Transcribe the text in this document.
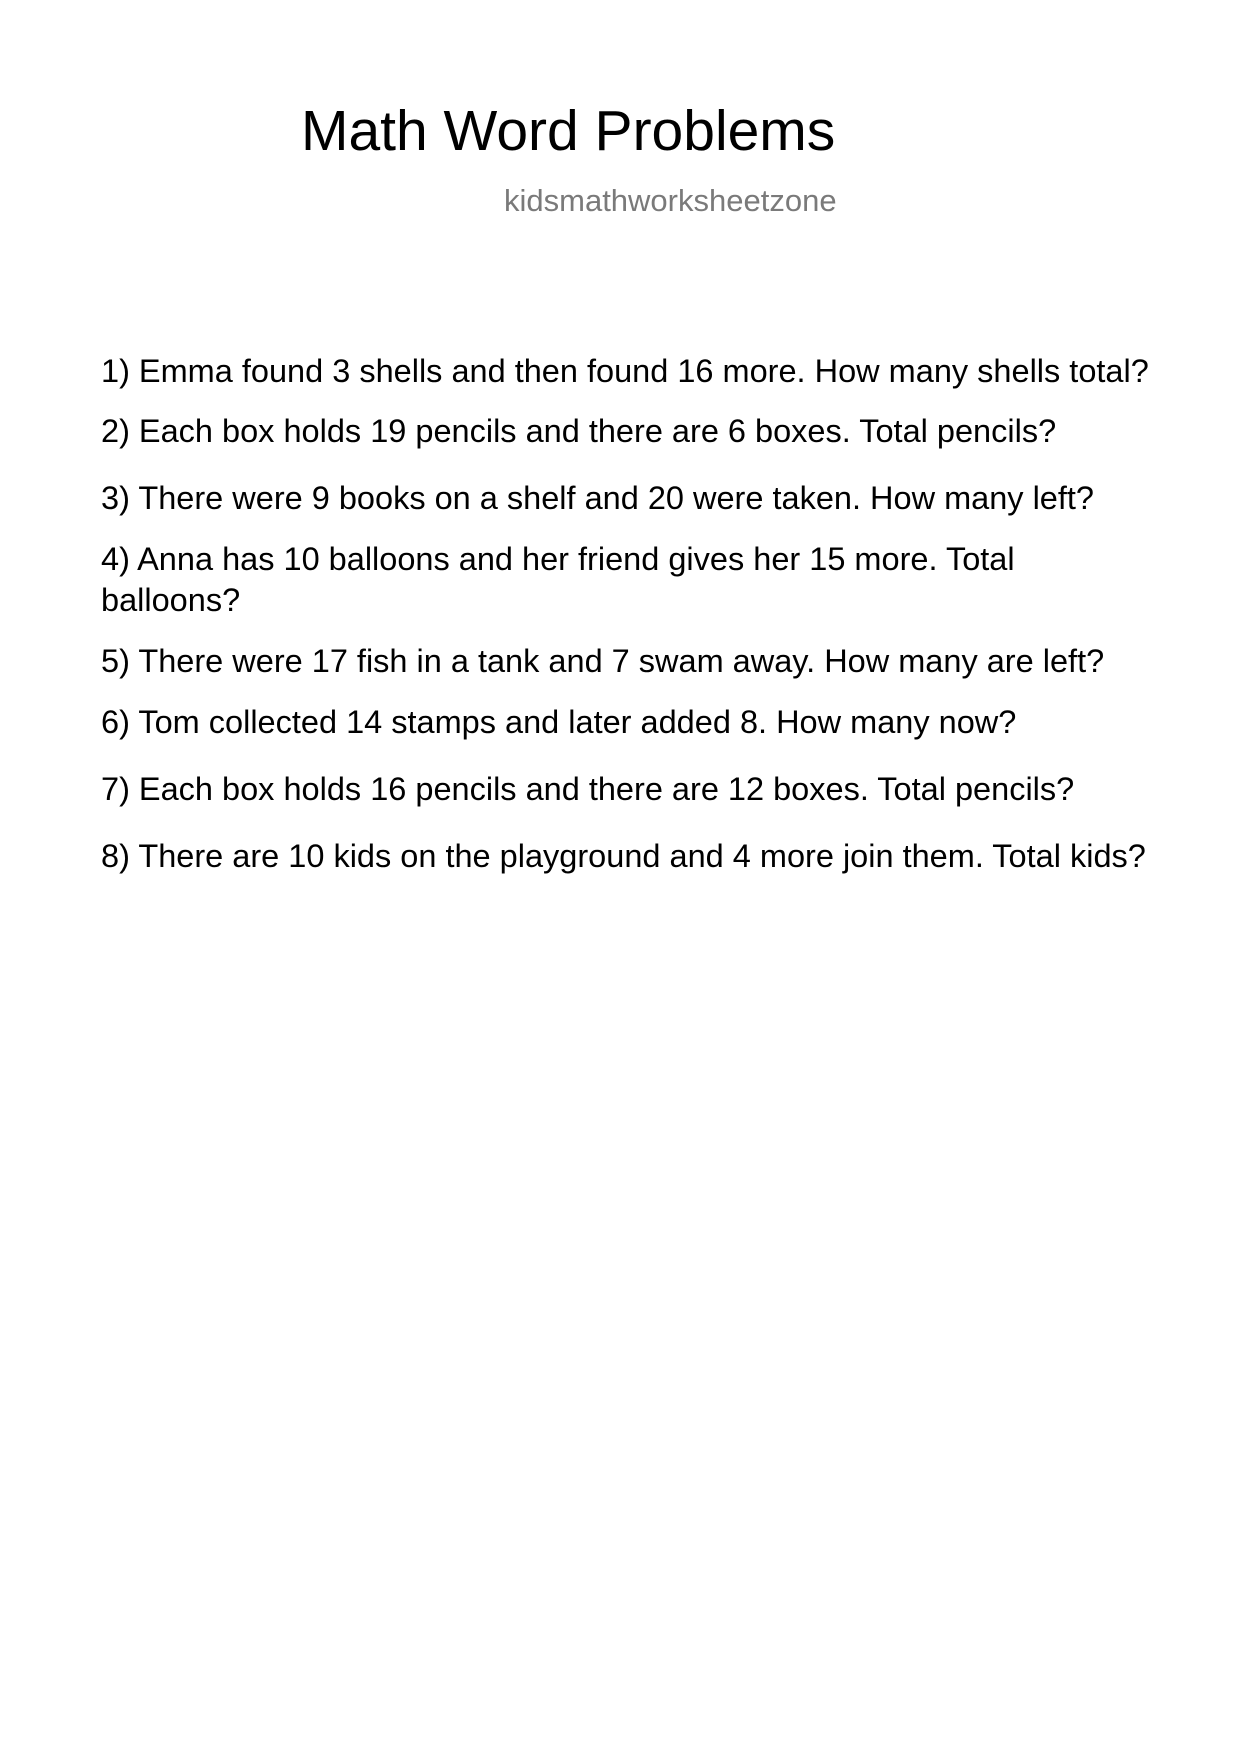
Math Word Problems
kidsmathworksheetzone
1) Emma found 3 shells and then found 16 more. How many shells total?
2) Each box holds 19 pencils and there are 6 boxes. Total pencils?
3) There were 9 books on a shelf and 20 were taken. How many left?
4) Anna has 10 balloons and her friend gives her 15 more. Total balloons?
5) There were 17 fish in a tank and 7 swam away. How many are left?
6) Tom collected 14 stamps and later added 8. How many now?
7) Each box holds 16 pencils and there are 12 boxes. Total pencils?
8) There are 10 kids on the playground and 4 more join them. Total kids?
